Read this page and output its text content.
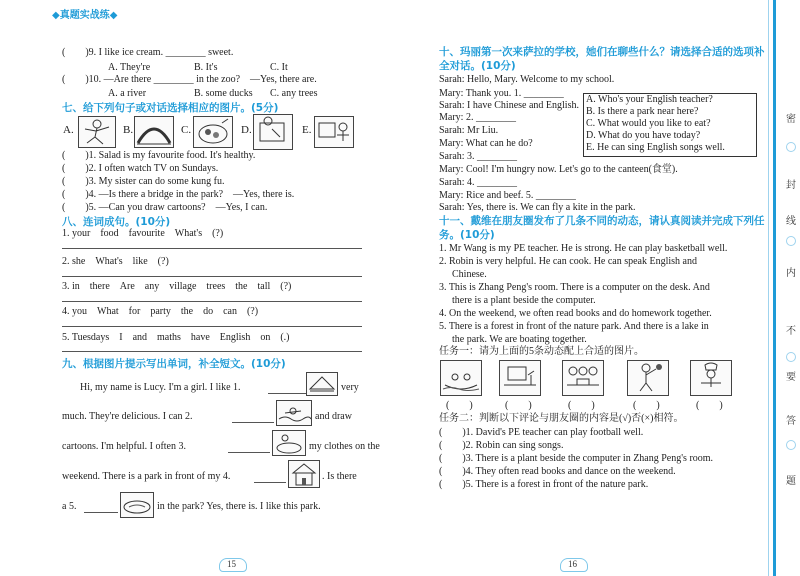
◆真题实战练◆
(　　)9. I like ice cream. ________ sweet.
A. They're	B. It's	C. It
(　　)10. —Are there ________ in the zoo?　—Yes, there are.
A. a river	B. some ducks C. any trees
七、给下列句子或对话选择相应的图片。(5分)
A.	B.	C.	D.	E.
(　　)1. Salad is my favourite food. It's healthy.
(　　)2. I often watch TV on Sundays.
(　　)3. My sister can do some kung fu.
(　　)4. —Is there a bridge in the park?　—Yes, there is.
(　　)5. —Can you draw cartoons?　—Yes, I can.
八、连词成句。(10分)
1. your　food　favourite　What's　(?)
2. she　What's　like　(?)
3. in　there　Are　any　village　trees　the　tall　(?)
4. you　What　for　party　the　do　can　(?)
5. Tuesdays　I　and　maths　have　English　on　(.)
九、根据图片提示写出单词，补全短文。(10分)
Hi, my name is Lucy. I'm a girl. I like 1.	very
much. They're delicious. I can 2.	and draw
cartoons. I'm helpful. I often 3.	my clothes on the
weekend. There is a park in front of my 4.	. Is there
a 5.	in the park? Yes, there is. I like this park.
15
十、玛丽第一次来萨拉的学校，她们在聊些什么？请选择合适的选项补全对话。(10分)
Sarah: Hello, Mary. Welcome to my school.
Mary: Thank you. 1. ________
Sarah: I have Chinese and English.
Mary: 2. ________
Sarah: Mr Liu.
Mary: What can he do?
Sarah: 3. ________
Mary: Cool! I'm hungry now. Let's go to the canteen(食堂).
Sarah: 4. ________
Mary: Rice and beef. 5. ________
Sarah: Yes, there is. We can fly a kite in the park.
A. Who's your English teacher?
B. Is there a park near here?
C. What would you like to eat?
D. What do you have today?
E. He can sing English songs well.
十一、戴维在朋友圈发布了几条不同的动态，请认真阅读并完成下列任务。(10分)
1. Mr Wang is my PE teacher. He is strong. He can play basketball well.
2. Robin is very helpful. He can cook. He can speak English and
Chinese.
3. This is Zhang Peng's room. There is a computer on the desk. And
there is a plant beside the computer.
4. On the weekend, we often read books and do homework together.
5. There is a forest in front of the nature park. And there is a lake in
the park. We are boating together.
任务一：请为上面的5条动态配上合适的图片。
(　　)	(　　)	(　　)	(　　)	(　　)
任务二：判断以下评论与朋友圈的内容是(√)否(×)相符。
(　　)1. David's PE teacher can play football well.
(　　)2. Robin can sing songs.
(　　)3. There is a plant beside the computer in Zhang Peng's room.
(　　)4. They often read books and dance on the weekend.
(　　)5. There is a forest in front of the nature park.
16
密
封
线
内
不
要
答
题
